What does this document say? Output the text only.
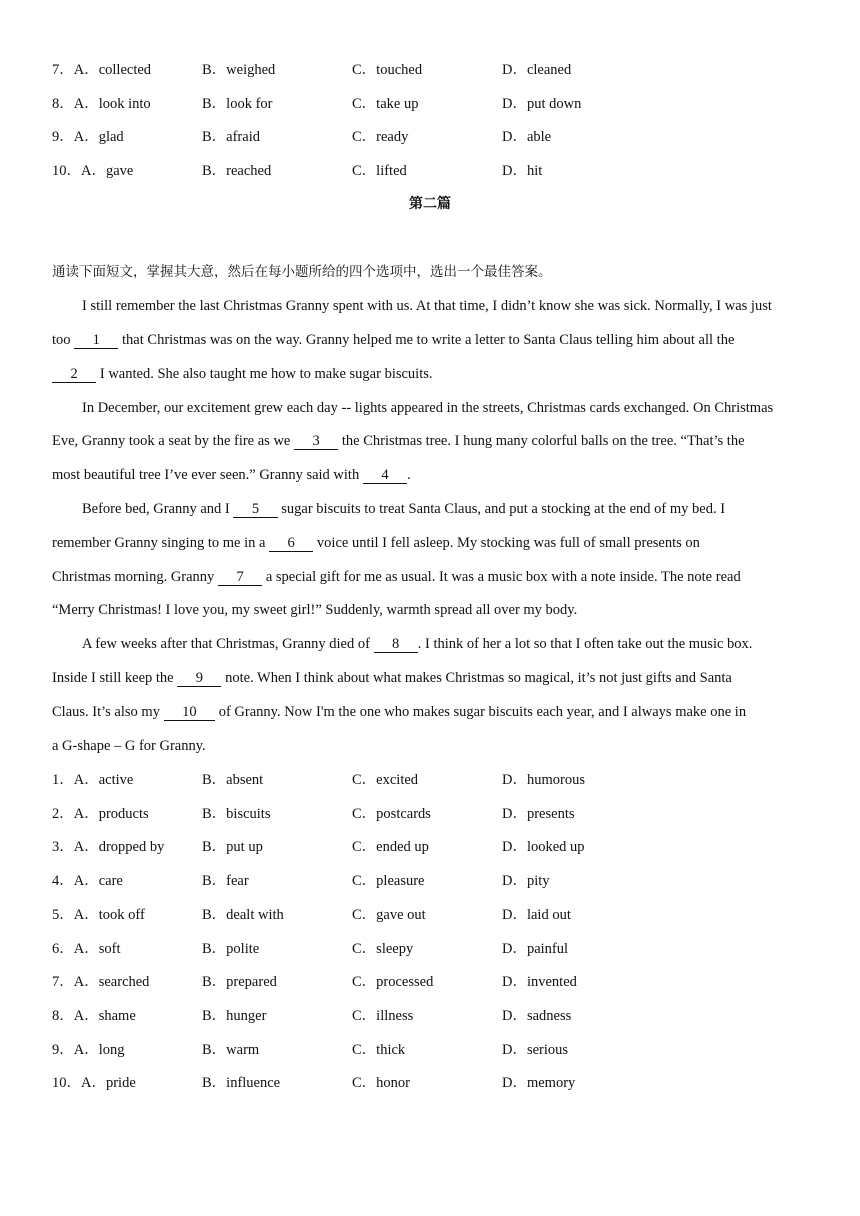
7．A．collected	B．weighed	C．touched	D．cleaned
8．A．look into	B．look for	C．take up	D．put down
9．A．glad	B．afraid	C．ready	D．able
10．A．gave	B．reached	C．lifted	D．hit
第二篇
通读下面短文，掌握其大意，然后在每小题所给的四个选项中，选出一个最佳答案。
I still remember the last Christmas Granny spent with us. At that time, I didn’t know she was sick. Normally, I was just
too  1  that Christmas was on the way. Granny helped me to write a letter to Santa Claus telling him about all the
 2  I wanted. She also taught me how to make sugar biscuits.
In December, our excitement grew each day -- lights appeared in the streets, Christmas cards exchanged. On Christmas
Eve, Granny took a seat by the fire as we  3  the Christmas tree. I hung many colorful balls on the tree. “That’s the
most beautiful tree I’ve ever seen.” Granny said with  4 .
Before bed, Granny and I  5  sugar biscuits to treat Santa Claus, and put a stocking at the end of my bed. I
remember Granny singing to me in a  6  voice until I fell asleep. My stocking was full of small presents on
Christmas morning. Granny  7  a special gift for me as usual. It was a music box with a note inside. The note read
“Merry Christmas! I love you, my sweet girl!” Suddenly, warmth spread all over my body.
A few weeks after that Christmas, Granny died of  8 . I think of her a lot so that I often take out the music box.
Inside I still keep the  9  note. When I think about what makes Christmas so magical, it’s not just gifts and Santa
Claus. It’s also my  10  of Granny. Now I'm the one who makes sugar biscuits each year, and I always make one in
a G-shape – G for Granny.
1．A．active	B．absent	C．excited	D．humorous
2．A．products	B．biscuits	C．postcards	D．presents
3．A．dropped by	B．put up	C．ended up	D．looked up
4．A．care	B．fear	C．pleasure	D．pity
5．A．took off	B．dealt with	C．gave out	D．laid out
6．A．soft	B．polite	C．sleepy	D．painful
7．A．searched	B．prepared	C．processed	D．invented
8．A．shame	B．hunger	C．illness	D．sadness
9．A．long	B．warm	C．thick	D．serious
10．A．pride	B．influence	C．honor	D．memory
